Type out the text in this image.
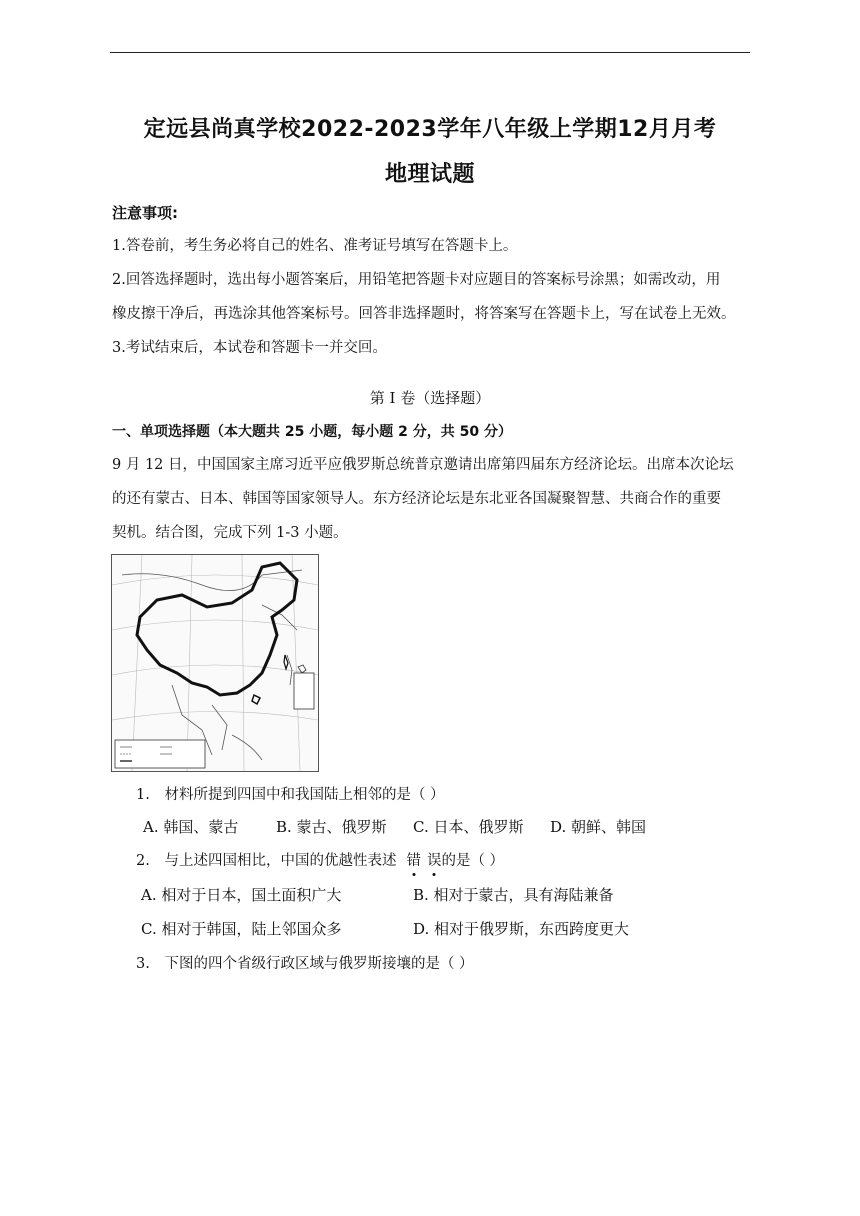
定远县尚真学校2022-2023学年八年级上学期12月月考
地理试题
注意事项:
1.答卷前，考生务必将自己的姓名、准考证号填写在答题卡上。
2.回答选择题时，选出每小题答案后，用铅笔把答题卡对应题目的答案标号涂黑；如需改动，用
橡皮擦干净后，再选涂其他答案标号。回答非选择题时，将答案写在答题卡上，写在试卷上无效。
3.考试结束后，本试卷和答题卡一并交回。
第 I 卷（选择题）
一、单项选择题（本大题共 25 小题，每小题 2 分，共 50 分）
9 月 12 日，中国国家主席习近平应俄罗斯总统普京邀请出席第四届东方经济论坛。出席本次论坛
的还有蒙古、日本、韩国等国家领导人。东方经济论坛是东北亚各国凝聚智慧、共商合作的重要
契机。结合图，完成下列 1-3 小题。
1. 材料所提到四国中和我国陆上相邻的是（ ）
A. 韩国、蒙古	B. 蒙古、俄罗斯 C. 日本、俄罗斯 D. 朝鲜、韩国
2. 与上述四国相比，中国的优越性表述 错 误的是（ ）
A. 相对于日本，国土面积广大	B. 相对于蒙古，具有海陆兼备
C. 相对于韩国，陆上邻国众多	D. 相对于俄罗斯，东西跨度更大
3. 下图的四个省级行政区域与俄罗斯接壤的是（ ）
